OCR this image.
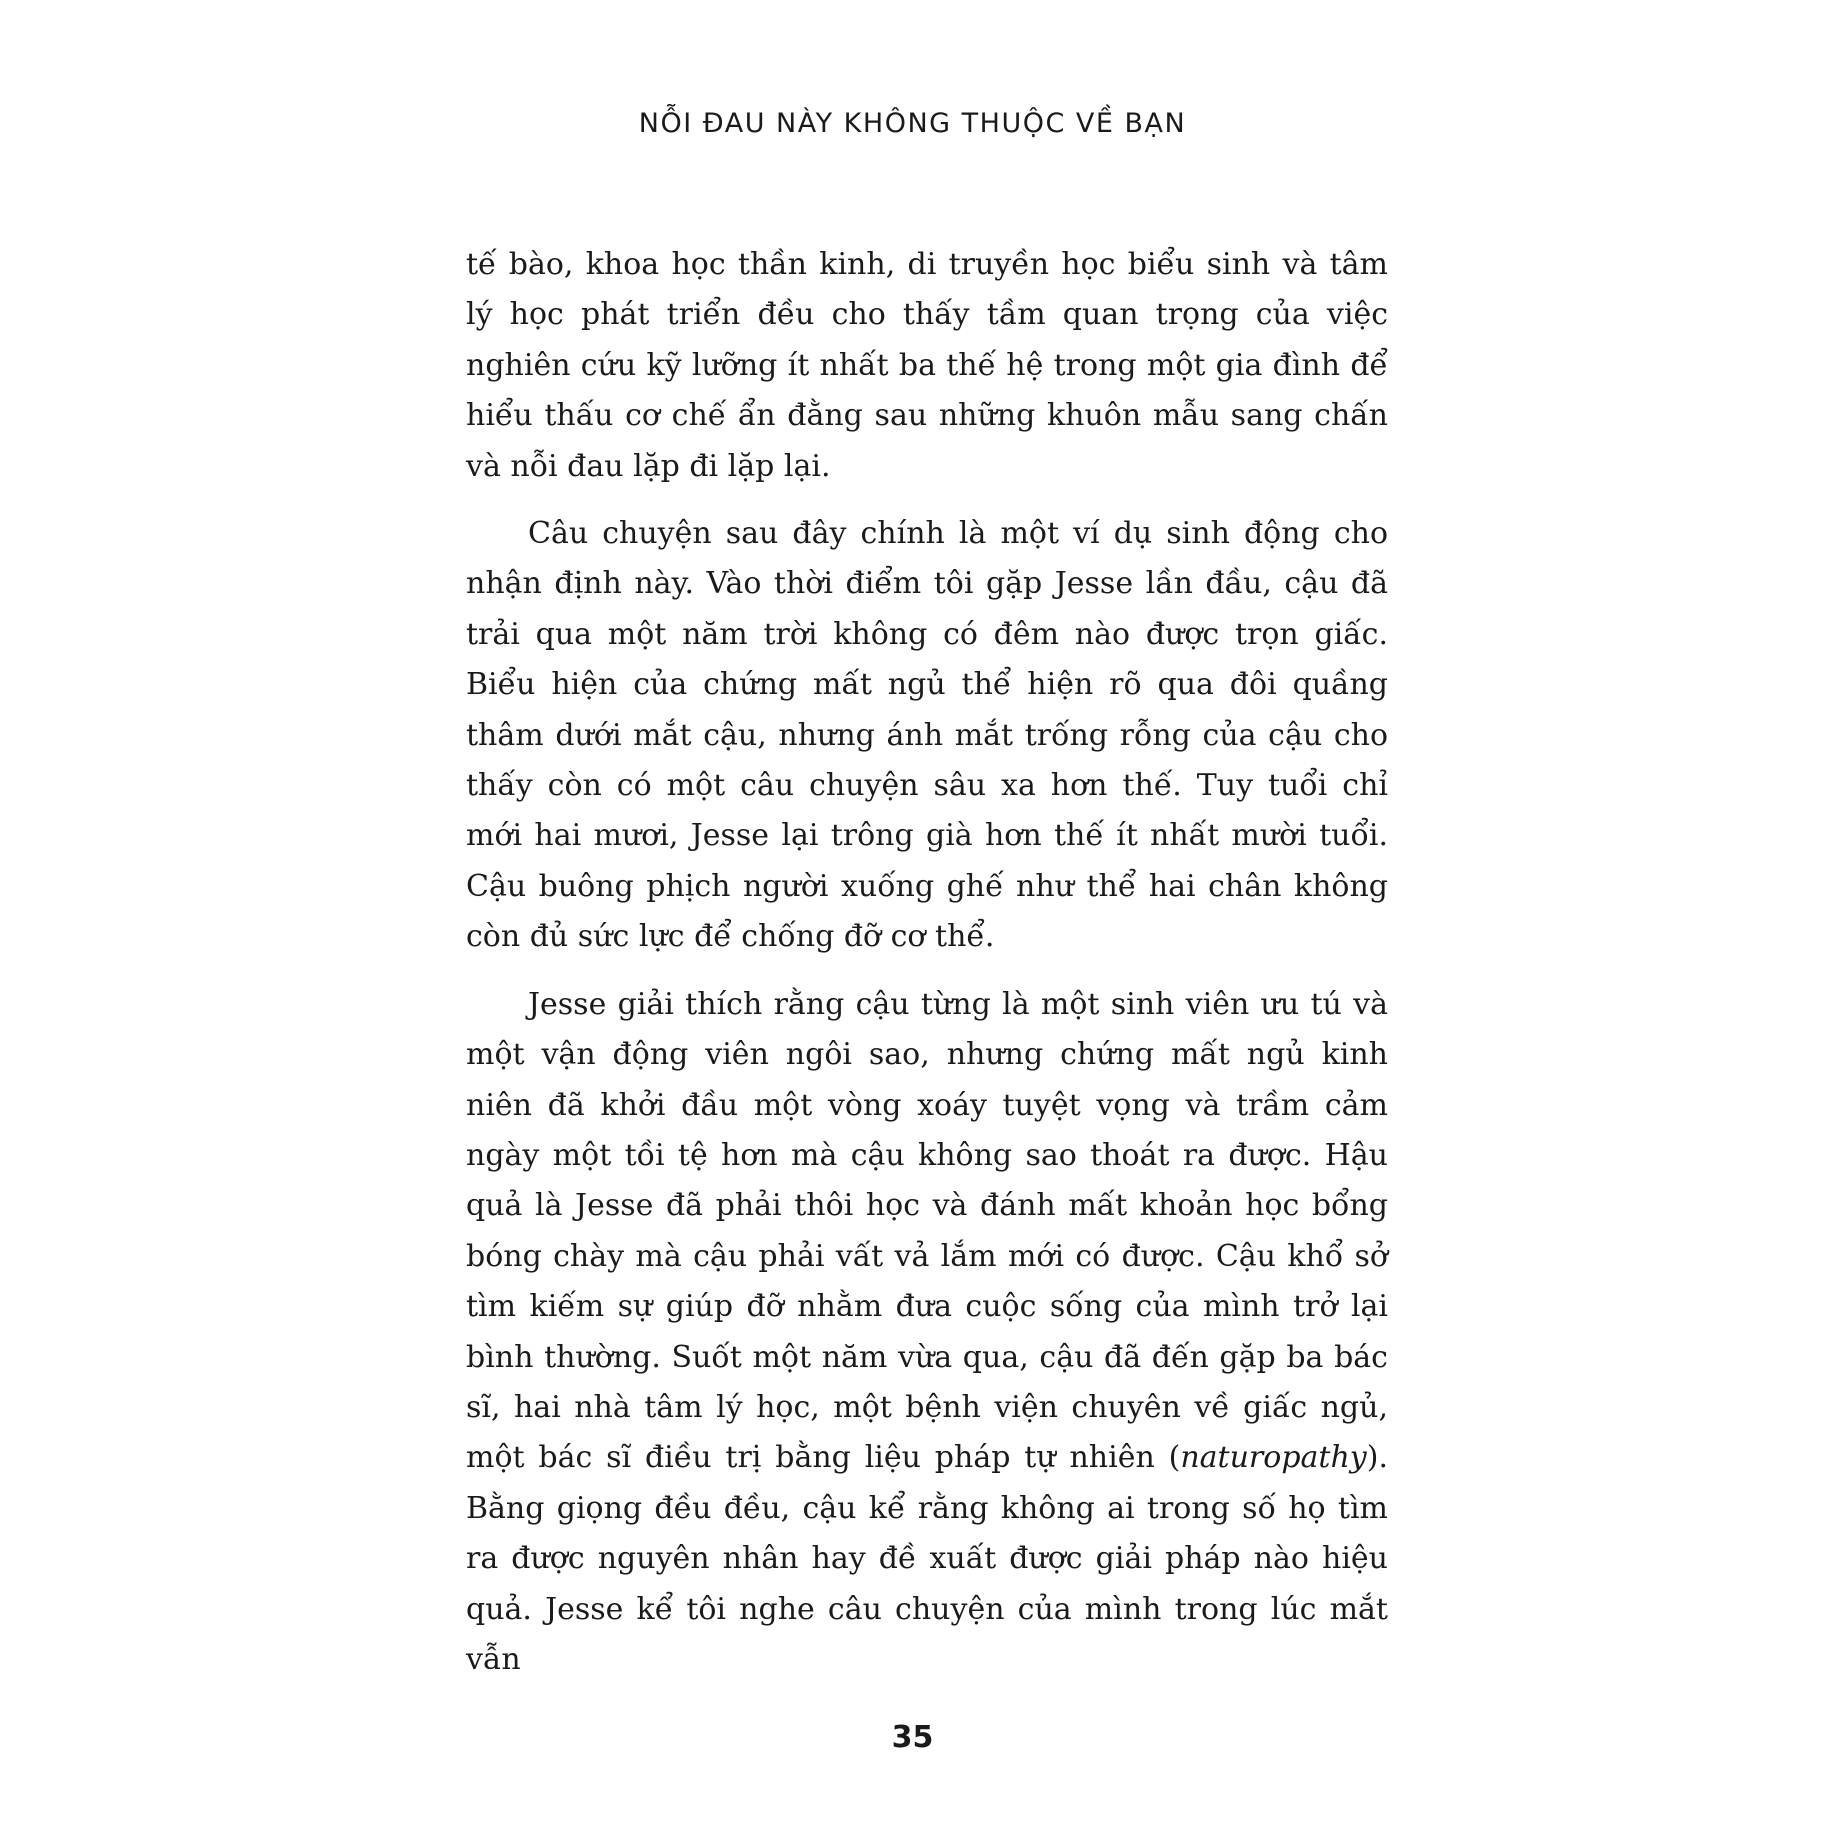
NỖI ĐAU NÀY KHÔNG THUỘC VỀ BẠN

tế bào, khoa học thần kinh, di truyền học biểu sinh và tâm lý học phát triển đều cho thấy tầm quan trọng của việc nghiên cứu kỹ lưỡng ít nhất ba thế hệ trong một gia đình để hiểu thấu cơ chế ẩn đằng sau những khuôn mẫu sang chấn và nỗi đau lặp đi lặp lại.

Câu chuyện sau đây chính là một ví dụ sinh động cho nhận định này. Vào thời điểm tôi gặp Jesse lần đầu, cậu đã trải qua một năm trời không có đêm nào được trọn giấc. Biểu hiện của chứng mất ngủ thể hiện rõ qua đôi quầng thâm dưới mắt cậu, nhưng ánh mắt trống rỗng của cậu cho thấy còn có một câu chuyện sâu xa hơn thế. Tuy tuổi chỉ mới hai mươi, Jesse lại trông già hơn thế ít nhất mười tuổi. Cậu buông phịch người xuống ghế như thể hai chân không còn đủ sức lực để chống đỡ cơ thể.

Jesse giải thích rằng cậu từng là một sinh viên ưu tú và một vận động viên ngôi sao, nhưng chứng mất ngủ kinh niên đã khởi đầu một vòng xoáy tuyệt vọng và trầm cảm ngày một tồi tệ hơn mà cậu không sao thoát ra được. Hậu quả là Jesse đã phải thôi học và đánh mất khoản học bổng bóng chày mà cậu phải vất vả lắm mới có được. Cậu khổ sở tìm kiếm sự giúp đỡ nhằm đưa cuộc sống của mình trở lại bình thường. Suốt một năm vừa qua, cậu đã đến gặp ba bác sĩ, hai nhà tâm lý học, một bệnh viện chuyên về giấc ngủ, một bác sĩ điều trị bằng liệu pháp tự nhiên (naturopathy). Bằng giọng đều đều, cậu kể rằng không ai trong số họ tìm ra được nguyên nhân hay đề xuất được giải pháp nào hiệu quả. Jesse kể tôi nghe câu chuyện của mình trong lúc mắt vẫn

35
